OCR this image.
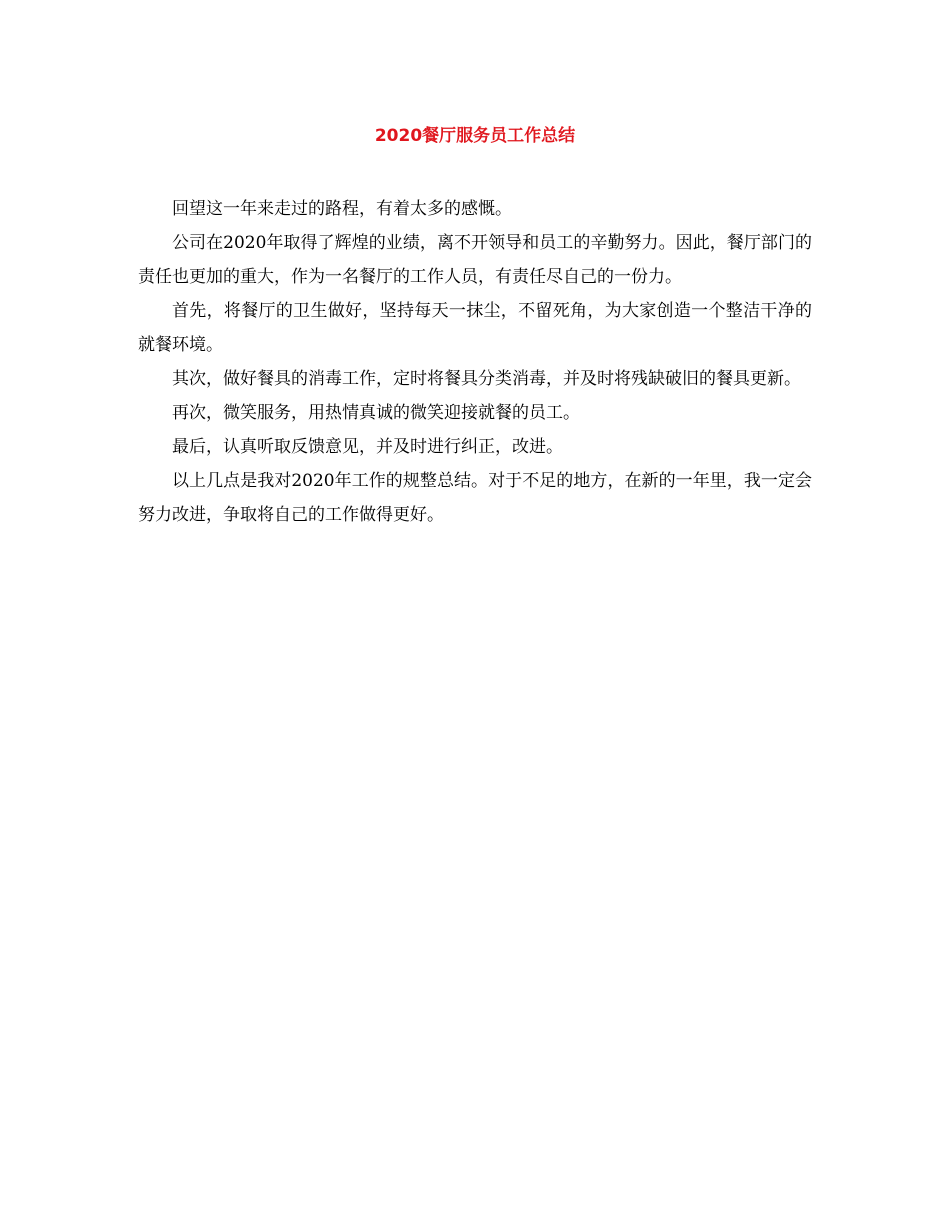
2020餐厅服务员工作总结

回望这一年来走过的路程，有着太多的感慨。

公司在2020年取得了辉煌的业绩，离不开领导和员工的辛勤努力。因此，餐厅部门的责任也更加的重大，作为一名餐厅的工作人员，有责任尽自己的一份力。

首先，将餐厅的卫生做好，坚持每天一抹尘，不留死角，为大家创造一个整洁干净的就餐环境。

其次，做好餐具的消毒工作，定时将餐具分类消毒，并及时将残缺破旧的餐具更新。

再次，微笑服务，用热情真诚的微笑迎接就餐的员工。

最后，认真听取反馈意见，并及时进行纠正，改进。

以上几点是我对2020年工作的规整总结。对于不足的地方，在新的一年里，我一定会努力改进，争取将自己的工作做得更好。
